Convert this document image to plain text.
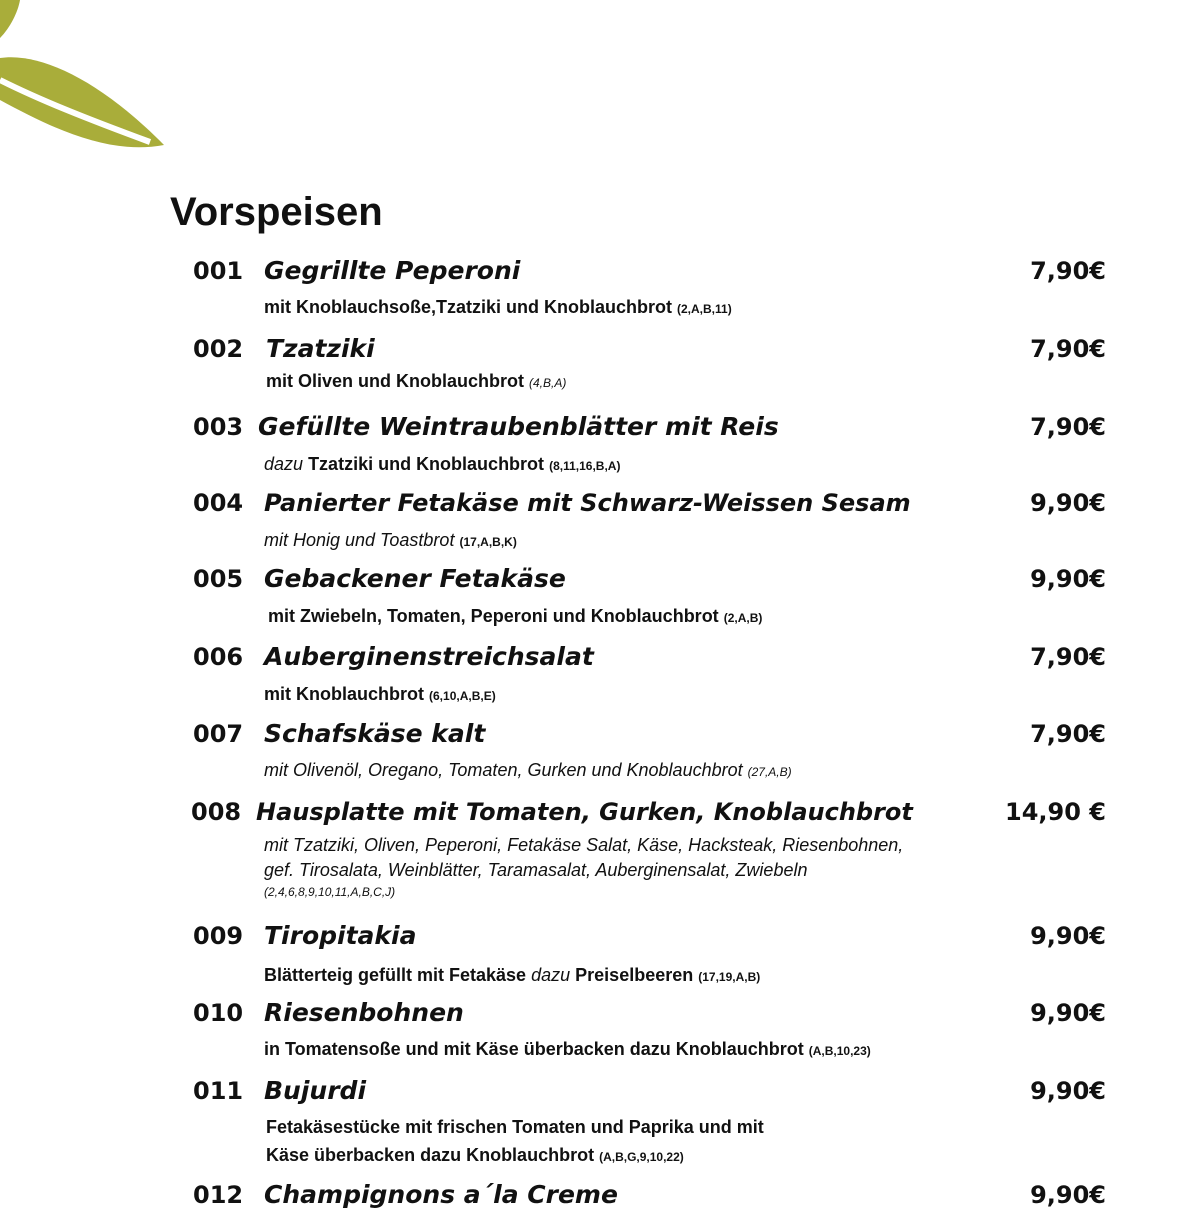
Vorspeisen
001 Gegrillte Peperoni	7,90€
mit Knoblauchsoße,Tzatziki und Knoblauchbrot (2,A,B,11)
002 Tzatziki	7,90€
mit Oliven und Knoblauchbrot (4,B,A)
003 Gefüllte Weintraubenblätter mit Reis	7,90€
dazu Tzatziki und Knoblauchbrot (8,11,16,B,A)
004 Panierter Fetakäse mit Schwarz-Weissen Sesam	9,90€
mit Honig und Toastbrot (17,A,B,K)
005 Gebackener Fetakäse	9,90€
mit Zwiebeln, Tomaten, Peperoni und Knoblauchbrot (2,A,B)
006 Auberginenstreichsalat	7,90€
mit Knoblauchbrot (6,10,A,B,E)
007 Schafskäse kalt	7,90€
mit Olivenöl, Oregano, Tomaten, Gurken und Knoblauchbrot (27,A,B)
008 Hausplatte mit Tomaten, Gurken, Knoblauchbrot	14,90 €
mit Tzatziki, Oliven, Peperoni, Fetakäse Salat, Käse, Hacksteak, Riesenbohnen,
gef. Tirosalata, Weinblätter, Taramasalat, Auberginensalat, Zwiebeln
(2,4,6,8,9,10,11,A,B,C,J)
009 Tiropitakia	9,90€
Blätterteig gefüllt mit Fetakäse dazu Preiselbeeren (17,19,A,B)
010 Riesenbohnen	9,90€
in Tomatensoße und mit Käse überbacken dazu Knoblauchbrot (A,B,10,23)
011 Bujurdi	9,90€
Fetakäsestücke mit frischen Tomaten und Paprika und mit
Käse überbacken dazu Knoblauchbrot (A,B,G,9,10,22)
012 Champignons a´la Creme	9,90€
